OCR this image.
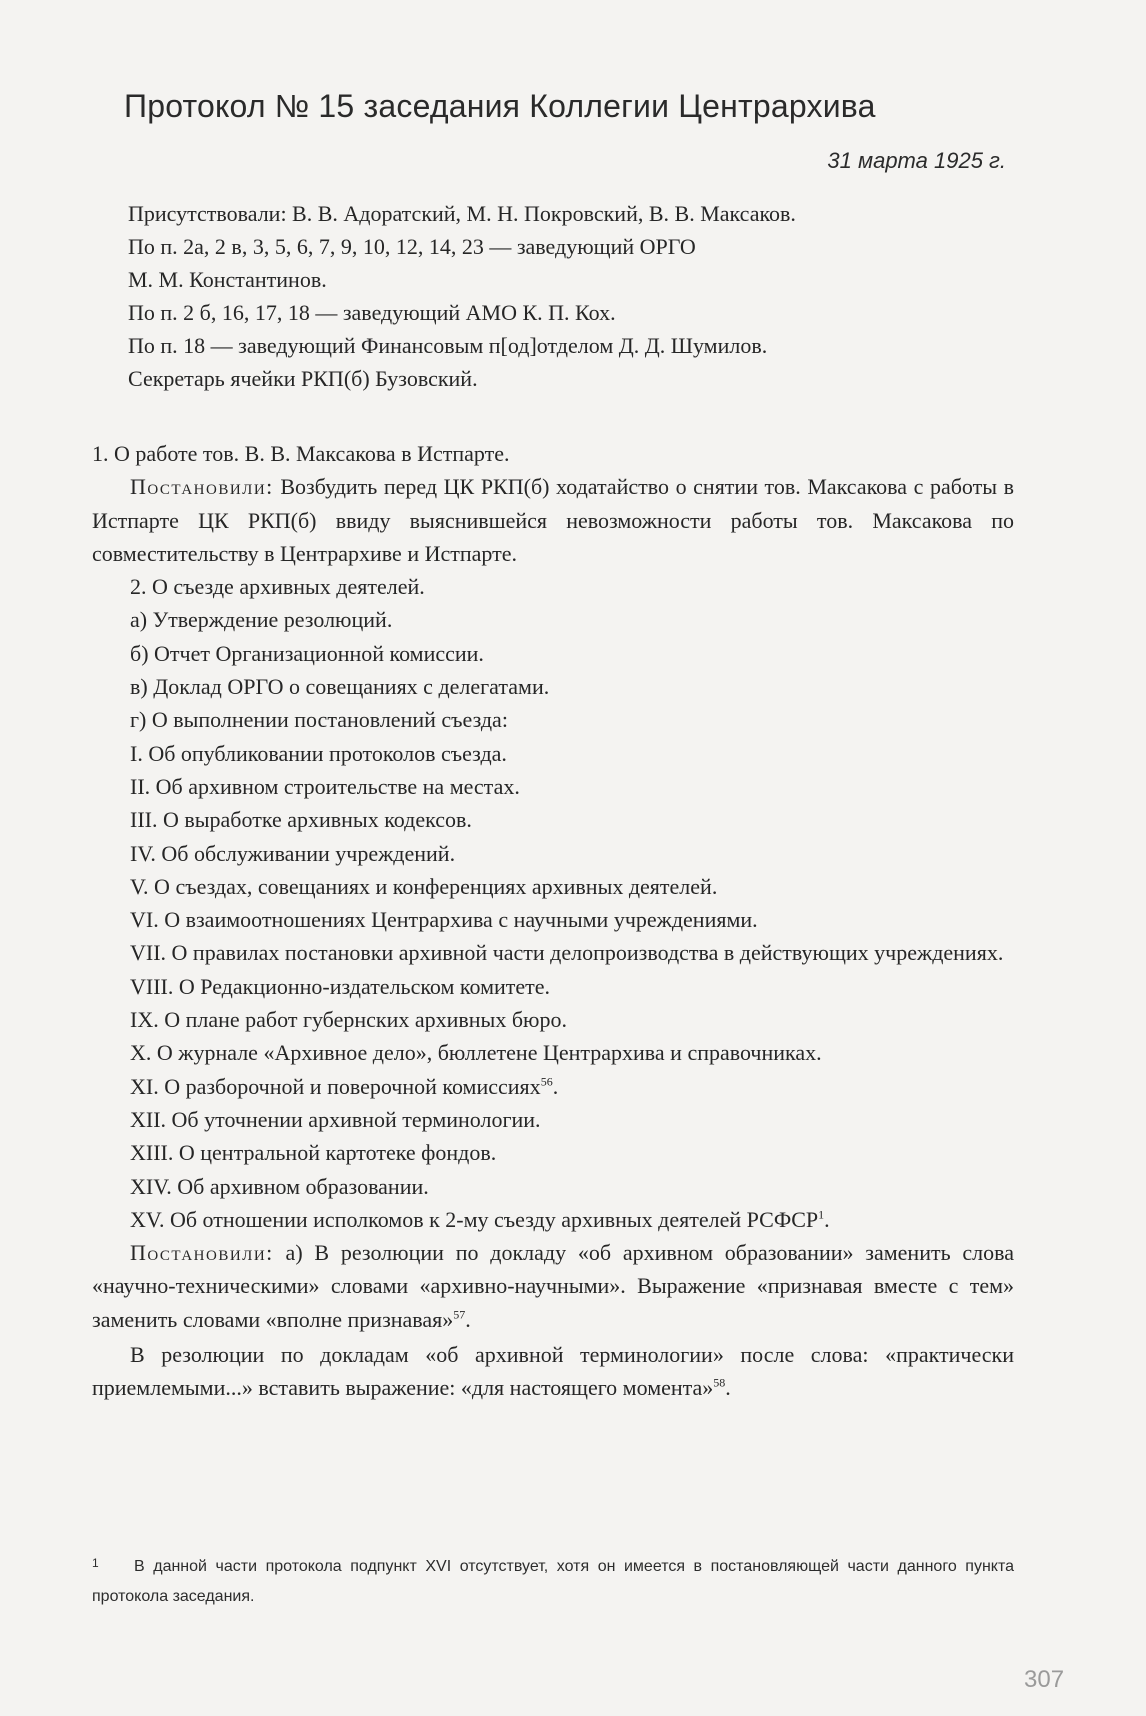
Протокол № 15 заседания Коллегии Центрархива
31 марта 1925 г.
Присутствовали: В. В. Адоратский, М. Н. Покровский, В. В. Максаков.
По п. 2а, 2 в, 3, 5, 6, 7, 9, 10, 12, 14, 23 — заведующий ОРГО
М. М. Константинов.
По п. 2 б, 16, 17, 18 — заведующий АМО К. П. Кох.
По п. 18 — заведующий Финансовым п[од]отделом Д. Д. Шумилов.
Секретарь ячейки РКП(б) Бузовский.

1. О работе тов. В. В. Максакова в Истпарте.

Постановили: Возбудить перед ЦК РКП(б) ходатайство о снятии тов. Максакова с работы в Истпарте ЦК РКП(б) ввиду выяснившейся невозможности работы тов. Максакова по совместительству в Центрархиве и Истпарте.

2. О съезде архивных деятелей.

а) Утверждение резолюций.

б) Отчет Организационной комиссии.

в) Доклад ОРГО о совещаниях с делегатами.

г) О выполнении постановлений съезда:

I. Об опубликовании протоколов съезда.

II. Об архивном строительстве на местах.

III. О выработке архивных кодексов.

IV. Об обслуживании учреждений.

V. О съездах, совещаниях и конференциях архивных деятелей.

VI. О взаимоотношениях Центрархива с научными учреждениями.

VII. О правилах постановки архивной части делопроизводства в действующих учреждениях.

VIII. О Редакционно-издательском комитете.

IX. О плане работ губернских архивных бюро.

X. О журнале «Архивное дело», бюллетене Центрархива и справочниках.

XI. О разборочной и поверочной комиссиях$^{56}$.

XII. Об уточнении архивной терминологии.

XIII. О центральной картотеке фондов.

XIV. Об архивном образовании.

XV. Об отношении исполкомов к 2-му съезду архивных деятелей РСФСР$^1$.

Постановили: а) В резолюции по докладу «об архивном образовании» заменить слова «научно-техническими» словами «архивно-научными». Выражение «признавая вместе с тем» заменить словами «вполне признавая»$^{57}$.

В резолюции по докладам «об архивной терминологии» после слова: «практически приемлемыми...» вставить выражение: «для настоящего момента»$^{58}$.

1 В данной части протокола подпункт XVI отсутствует, хотя он имеется в постановляющей части данного пункта протокола заседания.
307
